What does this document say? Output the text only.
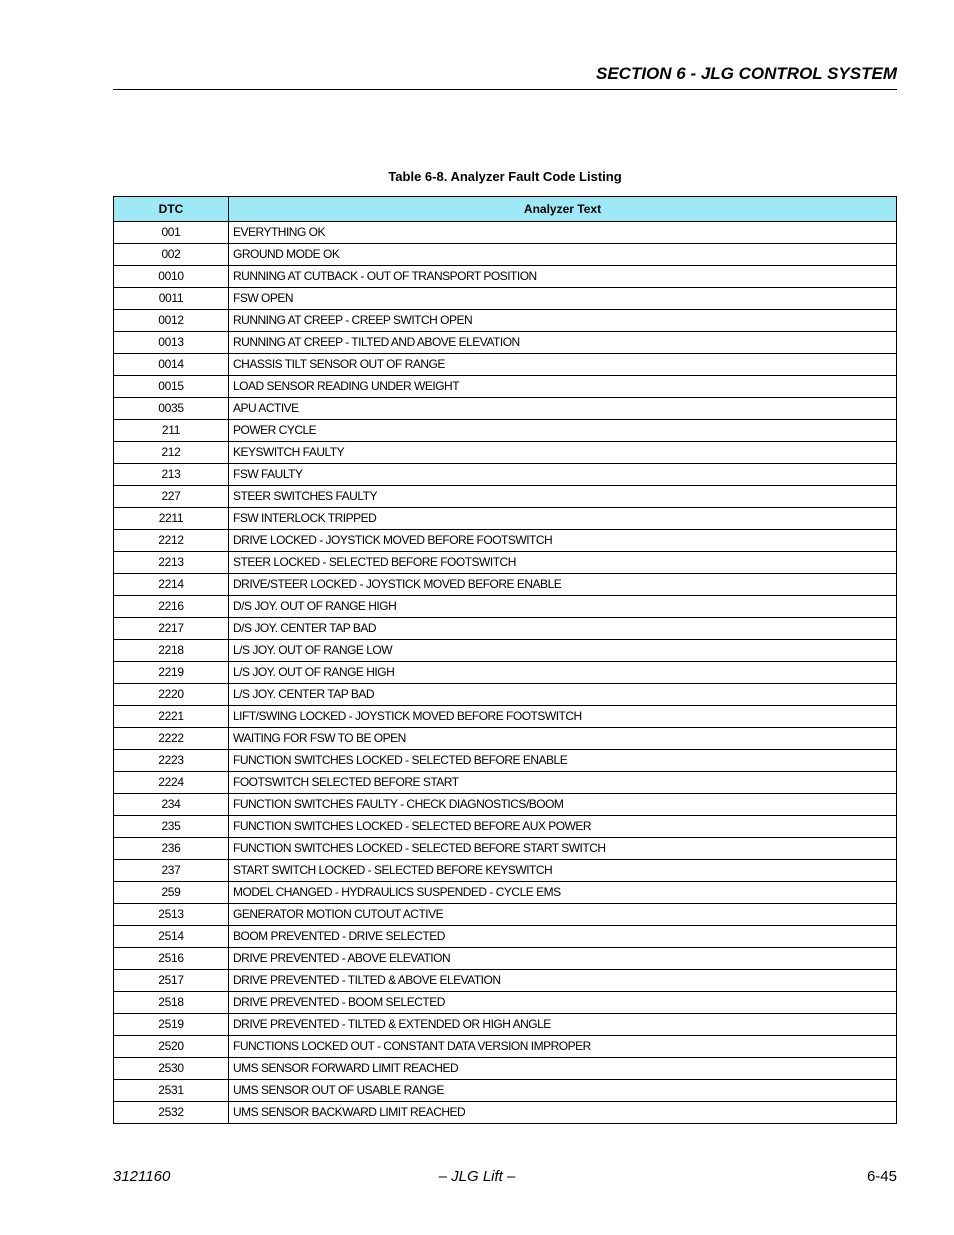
SECTION 6 - JLG CONTROL SYSTEM
Table 6-8. Analyzer Fault Code Listing
DTC	Analyzer Text
001	EVERYTHING OK
002	GROUND MODE OK
0010	RUNNING AT CUTBACK - OUT OF TRANSPORT POSITION
0011	FSW OPEN
0012	RUNNING AT CREEP - CREEP SWITCH OPEN
0013	RUNNING AT CREEP - TILTED AND ABOVE ELEVATION
0014	CHASSIS TILT SENSOR OUT OF RANGE
0015	LOAD SENSOR READING UNDER WEIGHT
0035	APU ACTIVE
211	POWER CYCLE
212	KEYSWITCH FAULTY
213	FSW FAULTY
227	STEER SWITCHES FAULTY
2211	FSW INTERLOCK TRIPPED
2212	DRIVE LOCKED - JOYSTICK MOVED BEFORE FOOTSWITCH
2213	STEER LOCKED - SELECTED BEFORE FOOTSWITCH
2214	DRIVE/STEER LOCKED - JOYSTICK MOVED BEFORE ENABLE
2216	D/S JOY. OUT OF RANGE HIGH
2217	D/S JOY. CENTER TAP BAD
2218	L/S JOY. OUT OF RANGE LOW
2219	L/S JOY. OUT OF RANGE HIGH
2220	L/S JOY. CENTER TAP BAD
2221	LIFT/SWING LOCKED - JOYSTICK MOVED BEFORE FOOTSWITCH
2222	WAITING FOR FSW TO BE OPEN
2223	FUNCTION SWITCHES LOCKED - SELECTED BEFORE ENABLE
2224	FOOTSWITCH SELECTED BEFORE START
234	FUNCTION SWITCHES FAULTY - CHECK DIAGNOSTICS/BOOM
235	FUNCTION SWITCHES LOCKED - SELECTED BEFORE AUX POWER
236	FUNCTION SWITCHES LOCKED - SELECTED BEFORE START SWITCH
237	START SWITCH LOCKED - SELECTED BEFORE KEYSWITCH
259	MODEL CHANGED - HYDRAULICS SUSPENDED - CYCLE EMS
2513	GENERATOR MOTION CUTOUT ACTIVE
2514	BOOM PREVENTED - DRIVE SELECTED
2516	DRIVE PREVENTED - ABOVE ELEVATION
2517	DRIVE PREVENTED - TILTED & ABOVE ELEVATION
2518	DRIVE PREVENTED - BOOM SELECTED
2519	DRIVE PREVENTED - TILTED & EXTENDED OR HIGH ANGLE
2520	FUNCTIONS LOCKED OUT - CONSTANT DATA VERSION IMPROPER
2530	UMS SENSOR FORWARD LIMIT REACHED
2531	UMS SENSOR OUT OF USABLE RANGE
2532	UMS SENSOR BACKWARD LIMIT REACHED
3121160	– JLG Lift –	6-45
